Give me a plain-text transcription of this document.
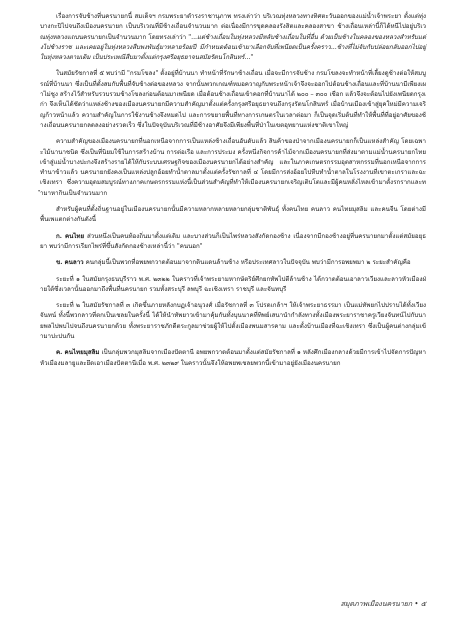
เรื่องการจับช้างที่นครนายกนี้ สมเด็จฯ กรมพระยาดำรงราชานุภาพ ทรงเล่าว่า บริเวณทุ่งหลวงทางทิศตะวันออกของแม่น้ำเจ้าพระยา ตั้งแต่ทุ่งบางกะปิไปจนถึงเมืองนครนายก เป็นบริเวณที่มีช้างเถื่อนจำนวนมาก ต่อเนื่องมีการขุดคลองรังสิตและคลองสาขา ช้างเถื่อนเหล่านี้ก็ได้หนีไปอยู่บริเวณทุ่งหลวงแถบนครนายกเป็นจำนวนมาก โดยทรงเล่าว่า "...แต่ช้างเถื่อนในทุ่งหลวงมีหลับช้างเถื่อนในที่อื่น ด้วยเป็นช้างในคลองของหลวงสำหรับแต่งไปช้างราช และเคยอยู่ในทุ่งหลวงสืบพงพันธุ์มาหลายร้อยปี มีกำหนดต้อนเข้ามาเลือกจับที่เพนียดเป็นครั้งคราว...ช้างที่ไม่จับกับปล่อยกลับออกไปอยู่ในทุ่งหลวงตามเดิม เป็นประเพณีสืบมาตั้งแต่กรุงศรีอยุธยาจนสมัยรัตนโกสินทร์..."

ในสมัยรัชกาลที่ ๕ พบว่ามี "กรมโขลง" ตั้งอยู่ที่บ้านนา ทำหน้าที่รักษาช้างเถื่อน เมื่อจะมีการจับช้าง กรมโขลงจะทำหน้าที่เลี้ยงดูช้างต่อให้สมบูรณ์ที่บ้านนา ซึ่งเป็นที่ตั้งสมกับพื้นที่จับช้างต่อของหลวง จากนั้นพวกเกณฑ์หมอควาญกับพระหน้าเจ้าจึงจะออกไปต้อนช้างเถื่อนและที่บ้านนามีเพียงเผาไม่ชูง สร้างไว้สำหรับรวบรวมช้างโขลงก่อนต้อนมาเพนียด เมื่อต้อนช้างเถื่อนเข้าคอกที่บ้านนาได้ ๒๐๐ – ๓๐๐ เชือก แล้วจึงจะต้อนไปยังเพนียดกรุงเก่า จึงเห็นได้ชัดว่าแหล่งช้างของเมืองนครนายกมีความสำคัญมาตั้งแต่ครั้งกรุงศรีอยุธยาจนถึงกรุงรัตนโกสินทร์ เมื่อบ้านเมืองเข้าสู่ยุคใหม่มีความเจริญก้าวหน้าแล้ว ความสำคัญในการใช้งานช้างจึงหมดไป และการขยายพื้นที่ทางการเกษตรในเวลาต่อมา ก็เป็นจุดเริ่มต้นที่ทำให้พื้นที่ที่อยู่อาศัยของช้างเถื่อนนครนายกลดลงอย่างรวดเร็ว ซึ่งในปัจจุบันบริเวณที่มีช้างอาศัยจึงมีเพียงพื้นที่ป่าในเขตอุทยานแห่งชาติเขาใหญ่

ความสำคัญของเมืองนครนายกที่นอกเหนือจากการเป็นแหล่งช้างเถื่อนอันดับแล้ว สินค้าของป่าจากเมืองนครนายกก็เป็นแหล่งสำคัญ โดยเฉพาะไม้นานาชนิด ซึ่งเป็นที่นิยมใช้ในการสร้างบ้าน การต่อเรือ และการประมง ครั้งหนึ่งกิจการค้าไม้จากเมืองนครนายกที่ส่งมาตามแม่น้ำนครนายกไทยเข้าสู่แม่น้ำบางปะกงจึงสร้างรายได้ให้กับระบบเศรษฐกิจของเมืองนครนายกได้อย่างสำคัญ และในภาคเกษตรกรรมอุตสาหกรรมที่นอกเหนือจากการทำนาข้าวแล้ว นครนายกยังคงเป็นแหล่งปลูกอ้อยทำน้ำตาลมาตั้งแต่ครั้งรัชกาลที่ ๔ โดยมีการส่งอ้อยไปหีบทำน้ำตาลในโรงงานที่เขาตะเกราและฉะเชิงเทรา ซึ่งความอุดมสมบูรณ์ทางภาคเกษตรกรรมแห่งนี้เป็นส่วนสำคัญที่ทำให้เมืองนครนายกเจริญเติบโตและมีผู้คนหลั่งไหลเข้ามาตั้งรกรากและทำมาหากินเป็นจำนวนมาก

สำหรับผู้คนที่ตั้งถิ่นฐานอยู่ในเมืองนครนายกนั้นมีความหลากหลายหลายกลุ่มชาติพันธุ์ ทั้งคนไทย คนลาว คนไทยมุสลิม และคนจีน โดยต่างมีพื้นเพแตกต่างกันดังนี้

ก. คนไทย ส่วนหนึ่งเป็นคนท้องถิ่นมาตั้งแต่เดิม และบางส่วนก็เป็นไพร่หลวงสังกัดกองช้าง เนื่องจากมีกองช้างอยู่ที่นครนายกมาตั้งแต่สมัยอยุธยา พบว่ามีการเรียกไพร่ที่ขึ้นสังกัดกองช้างเหล่านี้ว่า "คนนอก"

ข. คนลาว คนกลุ่มนี้เป็นพวกที่อพยพกวาดต้อนมาจากดินแดนล้านช้าง หรือประเทศลาวในปัจจุบัน พบว่ามีการอพยพมา ๒ ระยะสำคัญคือ

ระยะที่ ๑ ในสมัยกรุงธนบุรีราว พ.ศ. ๒๓๒๒ ในคราวที่เจ้าพระยามหากษัตริย์ศึกยกทัพไปตีล้านช้าง ได้กวาดต้อนเอาลาวเวียงและลาวหัวเมืองฝ่ายใต้ซึ่งเวลานั้นออกมาถึงพื้นที่นครนายก รวมทั้งสระบุรี ลพบุรี ฉะเชิงเทรา ราชบุรี และจันทบุรี

ระยะที่ ๒ ในสมัยรัชกาลที่ ๓ เกิดขึ้นภายหลังกบฏเจ้าอนุวงศ์ เมื่อรัชกาลที่ ๓ โปรดเกล้าฯ ให้เจ้าพระยาธรรมา เป็นแม่ทัพยกไปปราบได้ทั้งเวียงจันทน์ ทั้งนี้พวกลาวที่ตกเป็นเชลยในครั้งนี้ ได้ให้นำทัพยาวเข้ามาคุ้มกันทั้งบุนนาคที่ทิพย์เสนานำกำลังทางทั้งเมืองพระยาราชาครูเวียงจันทน์ไปกับนายพลไปพบไปจนถึงนครนายกด้วย ทั้งพระยาราชภักดีตระกูลมาช่วยผู้ให้ไปตั้งเมืองพนมสารคาม และตั้งบ้านเมืองที่ฉะเชิงเทรา ซึ่งเป็นผู้คนต่างกลุ่มเข้ามาปะปนกัน

ค. คนไทยมุสลิม เป็นกลุ่มพวกมุสลิมจากเมืองปัตตานี อพยพกวาดต้อนมาตั้งแต่สมัยรัชกาลที่ ๑ หลังศึกเมืองกลางด้วยมีการเข้าไปจัดการปัญหาหัวเมืองมลายูและยึดเอาเมืองปัตตานีเมื่อ พ.ศ. ๒๓๒๙ ในคราวนั้นจึงให้อพยพเชลยพวกนี้เข้ามาอยู่ยังเมืองนครนายก

สมุดภาพเมืองนครนายก • ๕
